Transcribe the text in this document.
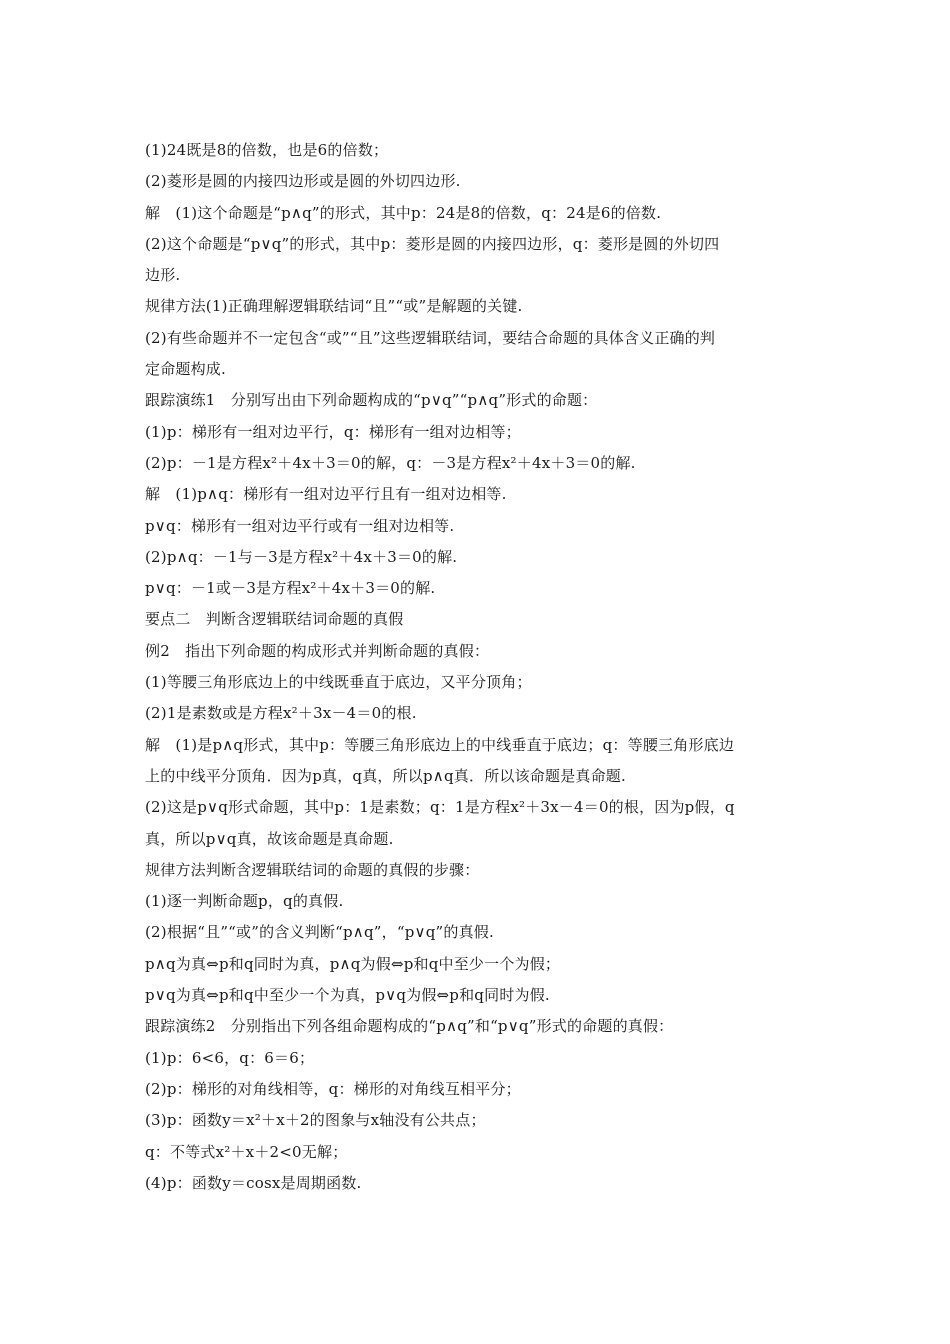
(1)24既是8的倍数，也是6的倍数；
(2)菱形是圆的内接四边形或是圆的外切四边形.
解　(1)这个命题是“p∧q”的形式，其中p：24是8的倍数，q：24是6的倍数.
(2)这个命题是“p∨q”的形式，其中p：菱形是圆的内接四边形，q：菱形是圆的外切四
边形.
规律方法(1)正确理解逻辑联结词“且”“或”是解题的关键.
(2)有些命题并不一定包含“或”“且”这些逻辑联结词，要结合命题的具体含义正确的判
定命题构成.
跟踪演练1　分别写出由下列命题构成的“p∨q”“p∧q”形式的命题：
(1)p：梯形有一组对边平行，q：梯形有一组对边相等；
(2)p：－1是方程x²＋4x＋3＝0的解，q：－3是方程x²＋4x＋3＝0的解.
解　(1)p∧q：梯形有一组对边平行且有一组对边相等.
p∨q：梯形有一组对边平行或有一组对边相等.
(2)p∧q：－1与－3是方程x²＋4x＋3＝0的解.
p∨q：－1或－3是方程x²＋4x＋3＝0的解.
要点二　判断含逻辑联结词命题的真假
例2　指出下列命题的构成形式并判断命题的真假：
(1)等腰三角形底边上的中线既垂直于底边，又平分顶角；
(2)1是素数或是方程x²＋3x－4＝0的根.
解　(1)是p∧q形式，其中p：等腰三角形底边上的中线垂直于底边；q：等腰三角形底边
上的中线平分顶角．因为p真，q真，所以p∧q真．所以该命题是真命题.
(2)这是p∨q形式命题，其中p：1是素数；q：1是方程x²＋3x－4＝0的根，因为p假，q
真，所以p∨q真，故该命题是真命题.
规律方法判断含逻辑联结词的命题的真假的步骤：
(1)逐一判断命题p，q的真假.
(2)根据“且”“或”的含义判断“p∧q”，“p∨q”的真假.
p∧q为真⇔p和q同时为真，p∧q为假⇔p和q中至少一个为假；
p∨q为真⇔p和q中至少一个为真，p∨q为假⇔p和q同时为假.
跟踪演练2　分别指出下列各组命题构成的“p∧q”和“p∨q”形式的命题的真假：
(1)p：6<6，q：6＝6；
(2)p：梯形的对角线相等，q：梯形的对角线互相平分；
(3)p：函数y＝x²＋x＋2的图象与x轴没有公共点；
q：不等式x²＋x＋2<0无解；
(4)p：函数y＝cosx是周期函数.
